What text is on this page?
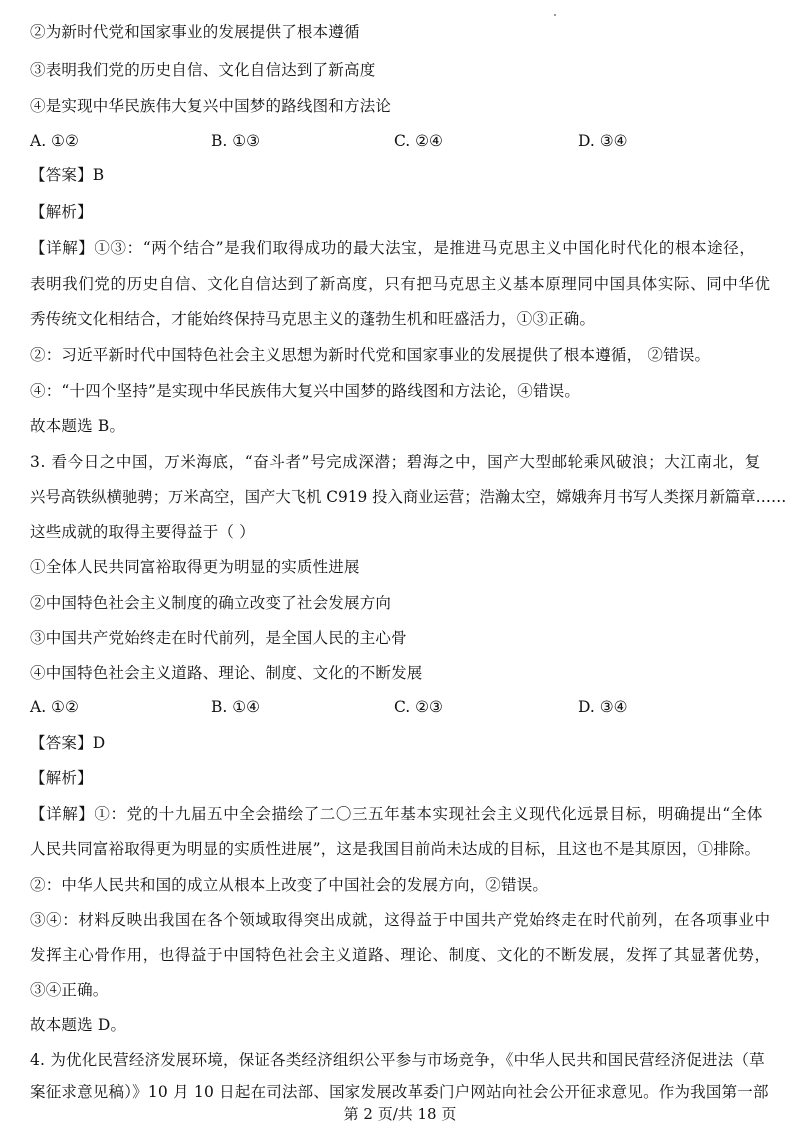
②为新时代党和国家事业的发展提供了根本遵循
③表明我们党的历史自信、文化自信达到了新高度
④是实现中华民族伟大复兴中国梦的路线图和方法论
A. ①②	B. ①③	C. ②④	D. ③④
【答案】B
【解析】
【详解】①③：“两个结合”是我们取得成功的最大法宝，是推进马克思主义中国化时代化的根本途径，
表明我们党的历史自信、文化自信达到了新高度，只有把马克思主义基本原理同中国具体实际、同中华优
秀传统文化相结合，才能始终保持马克思主义的蓬勃生机和旺盛活力，①③正确。
②：习近平新时代中国特色社会主义思想为新时代党和国家事业的发展提供了根本遵循， ②错误。
④：“十四个坚持”是实现中华民族伟大复兴中国梦的路线图和方法论，④错误。
故本题选 B。
3. 看今日之中国，万米海底，“奋斗者”号完成深潜；碧海之中，国产大型邮轮乘风破浪；大江南北，复
兴号高铁纵横驰骋；万米高空，国产大飞机 C919 投入商业运营；浩瀚太空，嫦娥奔月书写人类探月新篇章……
这些成就的取得主要得益于（ ）
①全体人民共同富裕取得更为明显的实质性进展
②中国特色社会主义制度的确立改变了社会发展方向
③中国共产党始终走在时代前列，是全国人民的主心骨
④中国特色社会主义道路、理论、制度、文化的不断发展
A. ①②	B. ①④	C. ②③	D. ③④
【答案】D
【解析】
【详解】①：党的十九届五中全会描绘了二〇三五年基本实现社会主义现代化远景目标，明确提出“全体
人民共同富裕取得更为明显的实质性进展”，这是我国目前尚未达成的目标，且这也不是其原因，①排除。
②：中华人民共和国的成立从根本上改变了中国社会的发展方向，②错误。
③④：材料反映出我国在各个领域取得突出成就，这得益于中国共产党始终走在时代前列，在各项事业中
发挥主心骨作用，也得益于中国特色社会主义道路、理论、制度、文化的不断发展，发挥了其显著优势，
③④正确。
故本题选 D。
4. 为优化民营经济发展环境，保证各类经济组织公平参与市场竞争，《中华人民共和国民营经济促进法（草
案征求意见稿）》10 月 10 日起在司法部、国家发展改革委门户网站向社会公开征求意见。作为我国第一部
第 2 页/共 18 页
